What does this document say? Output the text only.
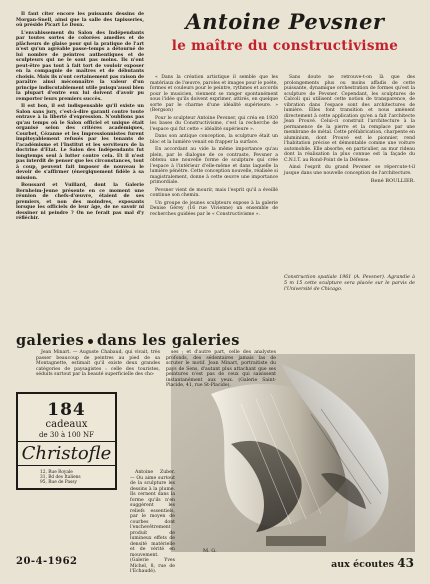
Il faut citer encore les puissants dessins de Morgan-Snell, ainsi que la salle des tapisseries, où préside Picart Le Doux.

L'envahissement du Salon des Indépendants par toutes sortes de colorées amedies et de plâcheurs de glaise pour qui la pratique de l'art n'est qu'un agréable passe-temps a détourné de lui nombre de peintres authentiques et de sculpteurs qui ne le sont pas moins. Ils n'ont peut-être pas tout à fait tort de vouloir exposer en la compagnie de maîtres et de débutants choisis. Mais ils n'ont certainement pas raison de paraître ainsi méconnaître la valeur d'un principe indiscutablement utile puisqu'aussi bien la plupart d'entre eux lui doivent d'avoir pu remporter leurs premiers succès.

Il est bon, il est indispensable qu'il existe un Salon sans jury, c'est-à-dire garanti contre toute entrave à la liberté d'expression. N'oublions pas qu'au temps où le Salon officiel et unique était organisé selon des critères académiques, Courbet, Cézanne et les Impressionnistes furent impitoyablement refusés par les tenants de l'académisme et l'Institut et les serviteurs de la doctrine d'Etat. Le Salon des Indépendants fut longtemps seul à lutter contre cela. Et il n'est pas interdit de penser que les circonstances, tout à coup, peuvent fait imposer de nouveau le devoir de s'affirmer (énergiquement fidèle à sa mission.

Boussard et Vuillard, dont la Galerie Bernheim-Jeune présente en ce moment une réunion de chefs-d'œuvre, étaient de ses premiers, et non des moindres, exposants lorsque les officiels de leur âge, de ne savoir ni dessiner ni peindre ? On ne ferait pas mal d'y réfléchir.

Antoine Pevsner
le maître du constructivisme

« Dans la création artistique il semble que les matériaux de l'œuvre, paroles et images pour le poète, formes et couleurs pour le peintre, rythmes et accords pour le musicien, viennent se ranger spontanément sous l'idée qu'ils doivent exprimer, attirés, en quelque sorte par le charme d'une idéalité supérieure. » (Bergson)

Pour le sculpteur Antoine Pevsner, qui créa en 1920 les bases du Constructivisme, c'est la recherche de l'espace qui fut cette « idéalité supérieure ».

Dans son antique conception, la sculpture était un bloc et la lumière venait en frapper la surface.

En accordant au vide la même importance qu'au plein, par le dialogue de ce contraste, Pevsner a obtenu une nouvelle forme de sculpture qui crée l'espace à l'intérieur d'elle-même et dans laquelle la lumière pénètre. Cette conception nouvelle, réalisée si magistralement, donne à cette œuvre une importance primordiale.

Pevsner vient de mourir, mais l'esprit qu'il a éveillé continue son chemin.

Un groupe de jeunes sculpteurs expose à la galerie Denise Gérey (16 rue Vivienne) un ensemble de recherches guidées par le « Constructivisme ».

Sans doute ne retrouve-t-on là que des prolongements plus ou moins affadis de cette puissante, dynamique orchestration de formes qu'est la sculpture de Pevsner. Cependant, les sculptures de Calcoli qui utilisent cette notion de transparence, de vibration dans l'espace sont des architectures de lumière. Elles font transition et nous amènent directement à cette application qu'en a fait l'architecte Jean Prouvé. Celui-ci construit l'architecture à la permanence de la pierre et la remplace par une membrane de métal. Cette préfabrication, charpente en aluminium, dont Prouvé est le pionnier, rend l'habitation précise et démontable comme une voiture automobile. Elle absorbe, en particulier, au mur rideau dont la réalisation la plus connue est la façade du C.N.I.T. au Rond-Point de la Défense.

Ainsi l'esprit du grand Pevsner se répercute-t-il jusque dans une nouvelle conception de l'architecture.

René BOULLIER.
Construction spatiale 1961 (A. Pevsner). Agrandie à 5 m 15 cette sculpture sera placée sur le parvis de l'Université de Chicago.
galeries dans les galeries

Jean Minart. — Auguste Chabaud, qui vivait, très passer beaucoup de peintres au pied de sa Montagnette, estimait qu'il existe deux grandes catégories de paysagistes : celle des touristes, séduits surtout par la beauté superficielle des cho-

ses ; et d'autre part, celle des analystes profonds, des sédentaires jamais las de scruter le motif. Jean Minart, portraitiste du pays de Sens, d'autant plus attachant que ses peintures n'est pas de ceux qui saisissent instantanément aux yeux. (Galerie Saint-Placide, 41, rue St-Placide).

Antoine Zuber. — Ou aime surtout de la sculpture les dessins à la plume. Ils cernent dans la forme qu'ils n'en suggèrent les reliefs essentiels, par le moyen de courbes dont l'enchevêtrement produit de lumineux effets de densité matérielle et de vérité en mouvement. (Galerie Yves Michel, 8, rue de l'Echaudé).

184
cadeaux
de 30 à 100 NF
Christofle
12, Rue Royale
31, Bd des Italiens
95, Rue de Passy
M. G.
20-4-1962	aux écoutes 43
